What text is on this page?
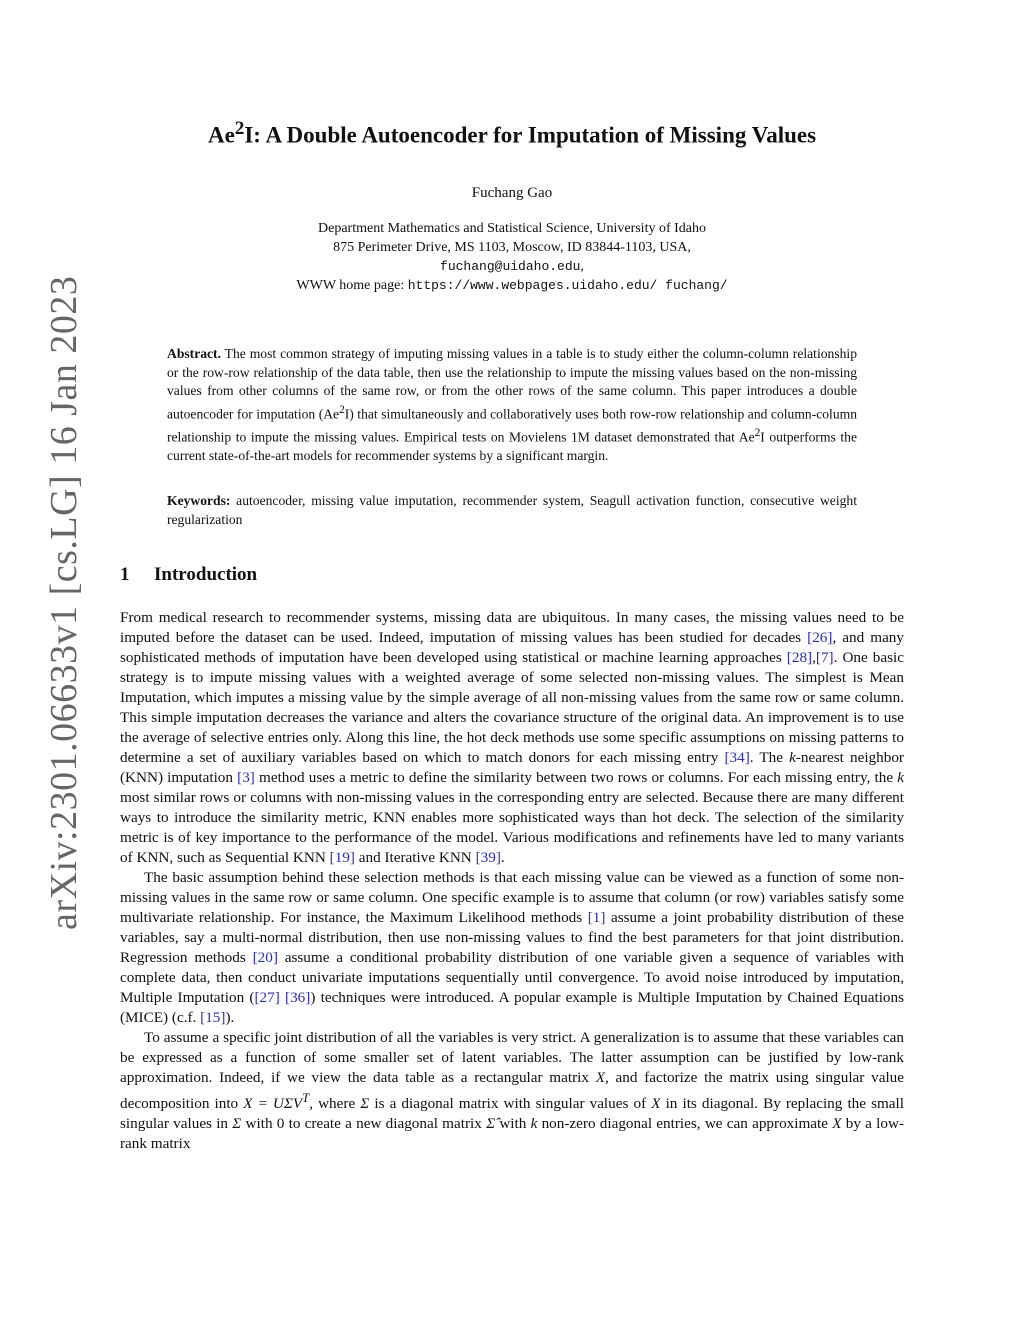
arXiv:2301.06633v1 [cs.LG] 16 Jan 2023
Ae$^2$I: A Double Autoencoder for Imputation of Missing Values
Fuchang Gao
Department Mathematics and Statistical Science, University of Idaho
875 Perimeter Drive, MS 1103, Moscow, ID 83844-1103, USA,
fuchang@uidaho.edu,
WWW home page: https://www.webpages.uidaho.edu/ fuchang/
Abstract. The most common strategy of imputing missing values in a table is to study either the column-column relationship or the row-row relationship of the data table, then use the relationship to impute the missing values based on the non-missing values from other columns of the same row, or from the other rows of the same column. This paper introduces a double autoencoder for imputation (Ae$^2$I) that simultaneously and collaboratively uses both row-row relationship and column-column relationship to impute the missing values. Empirical tests on Movielens 1M dataset demonstrated that Ae$^2$I outperforms the current state-of-the-art models for recommender systems by a significant margin.
Keywords: autoencoder, missing value imputation, recommender system, Seagull activation function, consecutive weight regularization
1 Introduction

From medical research to recommender systems, missing data are ubiquitous. In many cases, the missing values need to be imputed before the dataset can be used. Indeed, imputation of missing values has been studied for decades [26], and many sophisticated methods of imputation have been developed using statistical or machine learning approaches [28],[7]. One basic strategy is to impute missing values with a weighted average of some selected non-missing values. The simplest is Mean Imputation, which imputes a missing value by the simple average of all non-missing values from the same row or same column. This simple imputation decreases the variance and alters the covariance structure of the original data. An improvement is to use the average of selective entries only. Along this line, the hot deck methods use some specific assumptions on missing patterns to determine a set of auxiliary variables based on which to match donors for each missing entry [34]. The k-nearest neighbor (KNN) imputation [3] method uses a metric to define the similarity between two rows or columns. For each missing entry, the k most similar rows or columns with non-missing values in the corresponding entry are selected. Because there are many different ways to introduce the similarity metric, KNN enables more sophisticated ways than hot deck. The selection of the similarity metric is of key importance to the performance of the model. Various modifications and refinements have led to many variants of KNN, such as Sequential KNN [19] and Iterative KNN [39].

The basic assumption behind these selection methods is that each missing value can be viewed as a function of some non-missing values in the same row or same column. One specific example is to assume that column (or row) variables satisfy some multivariate relationship. For instance, the Maximum Likelihood methods [1] assume a joint probability distribution of these variables, say a multi-normal distribution, then use non-missing values to find the best parameters for that joint distribution. Regression methods [20] assume a conditional probability distribution of one variable given a sequence of variables with complete data, then conduct univariate imputations sequentially until convergence. To avoid noise introduced by imputation, Multiple Imputation ([27] [36]) techniques were introduced. A popular example is Multiple Imputation by Chained Equations (MICE) (c.f. [15]).

To assume a specific joint distribution of all the variables is very strict. A generalization is to assume that these variables can be expressed as a function of some smaller set of latent variables. The latter assumption can be justified by low-rank approximation. Indeed, if we view the data table as a rectangular matrix X, and factorize the matrix using singular value decomposition into $X = U\Sigma V^T$, where Σ is a diagonal matrix with singular values of X in its diagonal. By replacing the small singular values in Σ with 0 to create a new diagonal matrix Σ̂ with k non-zero diagonal entries, we can approximate X by a low-rank matrix
